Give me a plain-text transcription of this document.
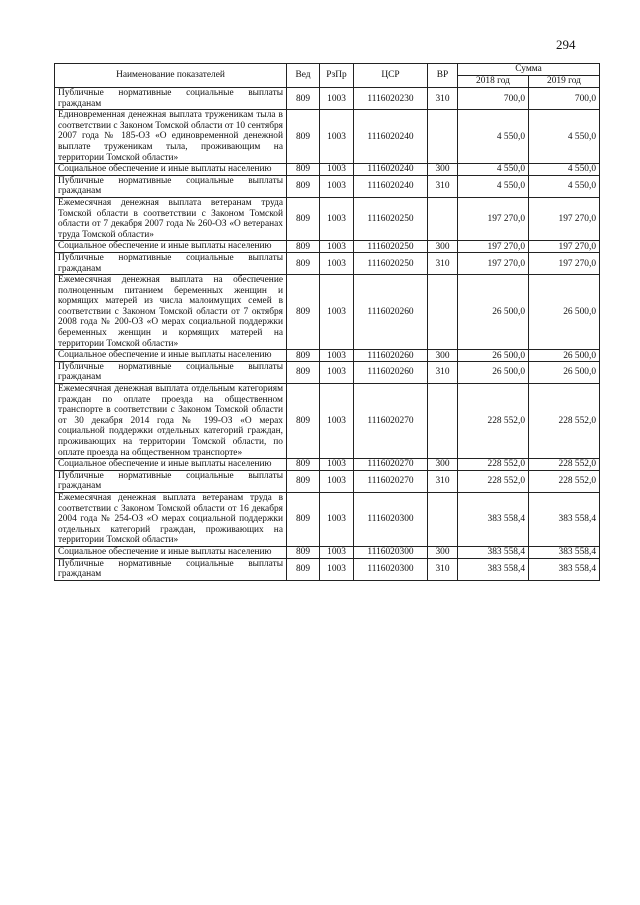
294
Наименование показателей	Вед	РзПр	ЦСР	ВР	Сумма	
					2018 год	2019 год
Публичные нормативные социальные выплаты гражданам	809	1003	1116020230	310	700,0	700,0
Единовременная денежная выплата труженикам тыла в соответствии с Законом Томской области от 10 сентября 2007 года № 185-ОЗ «О единовременной денежной выплате труженикам тыла, проживающим на территории Томской области»	809	1003	1116020240		4 550,0	4 550,0
Социальное обеспечение и иные выплаты населению	809	1003	1116020240	300	4 550,0	4 550,0
Публичные нормативные социальные выплаты гражданам	809	1003	1116020240	310	4 550,0	4 550,0
Ежемесячная денежная выплата ветеранам труда Томской области в соответствии с Законом Томской области от 7 декабря 2007 года № 260-ОЗ «О ветеранах труда Томской области»	809	1003	1116020250		197 270,0	197 270,0
Социальное обеспечение и иные выплаты населению	809	1003	1116020250	300	197 270,0	197 270,0
Публичные нормативные социальные выплаты гражданам	809	1003	1116020250	310	197 270,0	197 270,0
Ежемесячная денежная выплата на обеспечение полноценным питанием беременных женщин и кормящих матерей из числа малоимущих семей в соответствии с Законом Томской области от 7 октября 2008 года № 200-ОЗ «О мерах социальной поддержки беременных женщин и кормящих матерей на территории Томской области»	809	1003	1116020260		26 500,0	26 500,0
Социальное обеспечение и иные выплаты населению	809	1003	1116020260	300	26 500,0	26 500,0
Публичные нормативные социальные выплаты гражданам	809	1003	1116020260	310	26 500,0	26 500,0
Ежемесячная денежная выплата отдельным категориям граждан по оплате проезда на общественном транспорте в соответствии с Законом Томской области от 30 декабря 2014 года № 199-ОЗ «О мерах социальной поддержки отдельных категорий граждан, проживающих на территории Томской области, по оплате проезда на общественном транспорте»	809	1003	1116020270		228 552,0	228 552,0
Социальное обеспечение и иные выплаты населению	809	1003	1116020270	300	228 552,0	228 552,0
Публичные нормативные социальные выплаты гражданам	809	1003	1116020270	310	228 552,0	228 552,0
Ежемесячная денежная выплата ветеранам труда в соответствии с Законом Томской области от 16 декабря 2004 года № 254-ОЗ «О мерах социальной поддержки отдельных категорий граждан, проживающих на территории Томской области»	809	1003	1116020300		383 558,4	383 558,4
Социальное обеспечение и иные выплаты населению	809	1003	1116020300	300	383 558,4	383 558,4
Публичные нормативные социальные выплаты гражданам	809	1003	1116020300	310	383 558,4	383 558,4
